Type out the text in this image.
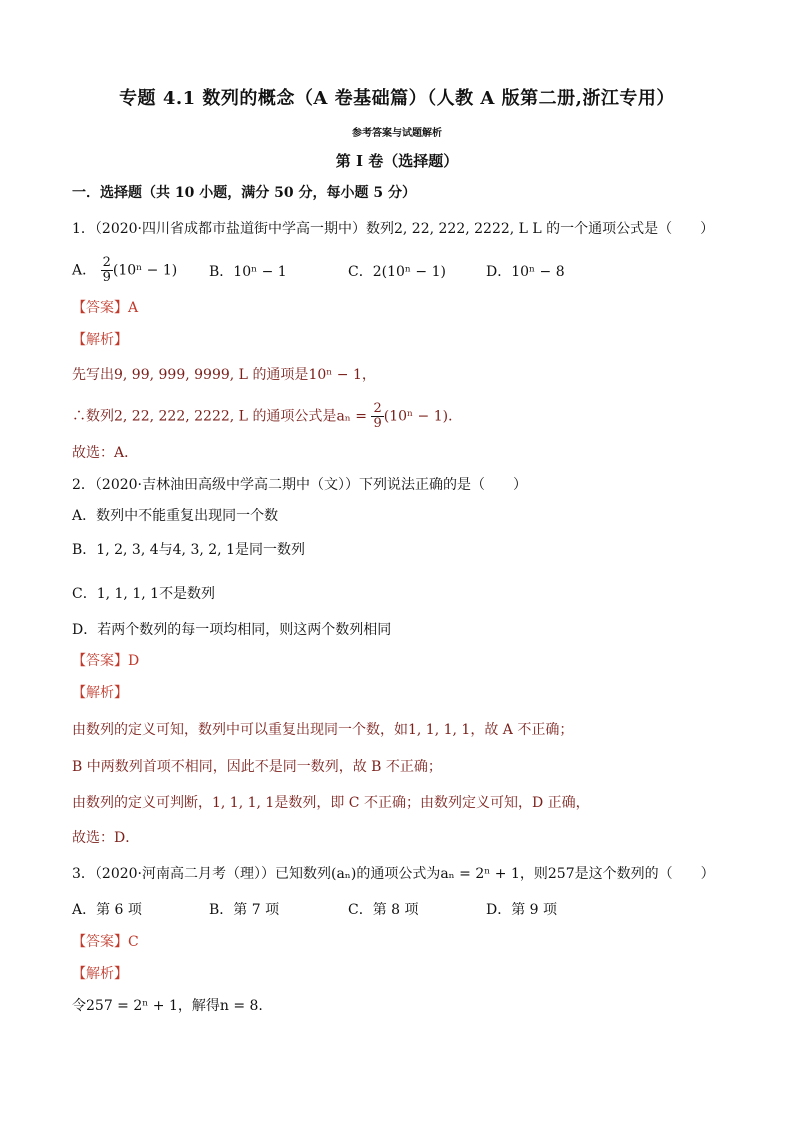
专题 4.1 数列的概念（A 卷基础篇）（人教 A 版第二册,浙江专用）
参考答案与试题解析
第 I 卷（选择题）
一．选择题（共 10 小题，满分 50 分，每小题 5 分）
1．（2020·四川省成都市盐道街中学高一期中）数列2, 22, 222, 2222, L L 的一个通项公式是（　　）
A． $\frac{2}{9} (10^n - 1)$ B．10ⁿ − 1	C．2(10ⁿ − 1)	D．10ⁿ − 8
【答案】A
【解析】
先写出9, 99, 999, 9999, L 的通项是10ⁿ − 1，
∴数列2, 22, 222, 2222, L 的通项公式是$a_n = \frac{2}{9} (10^n - 1)$．
故选：A．
2．（2020·吉林油田高级中学高二期中（文））下列说法正确的是（　　）
A．数列中不能重复出现同一个数
B．1, 2, 3, 4与4, 3, 2, 1是同一数列
C．1, 1, 1, 1不是数列
D．若两个数列的每一项均相同，则这两个数列相同
【答案】D
【解析】
由数列的定义可知，数列中可以重复出现同一个数，如1, 1, 1, 1，故 A 不正确；
B 中两数列首项不相同，因此不是同一数列，故 B 不正确；
由数列的定义可判断，1, 1, 1, 1是数列，即 C 不正确；由数列定义可知，D 正确，
故选：D．
3．（2020·河南高二月考（理））已知数列(aₙ)的通项公式为aₙ = 2ⁿ + 1，则257是这个数列的（　　）
A．第 6 项	B．第 7 项	C．第 8 项	D．第 9 项
【答案】C
【解析】
令257 = 2ⁿ + 1，解得n = 8.
